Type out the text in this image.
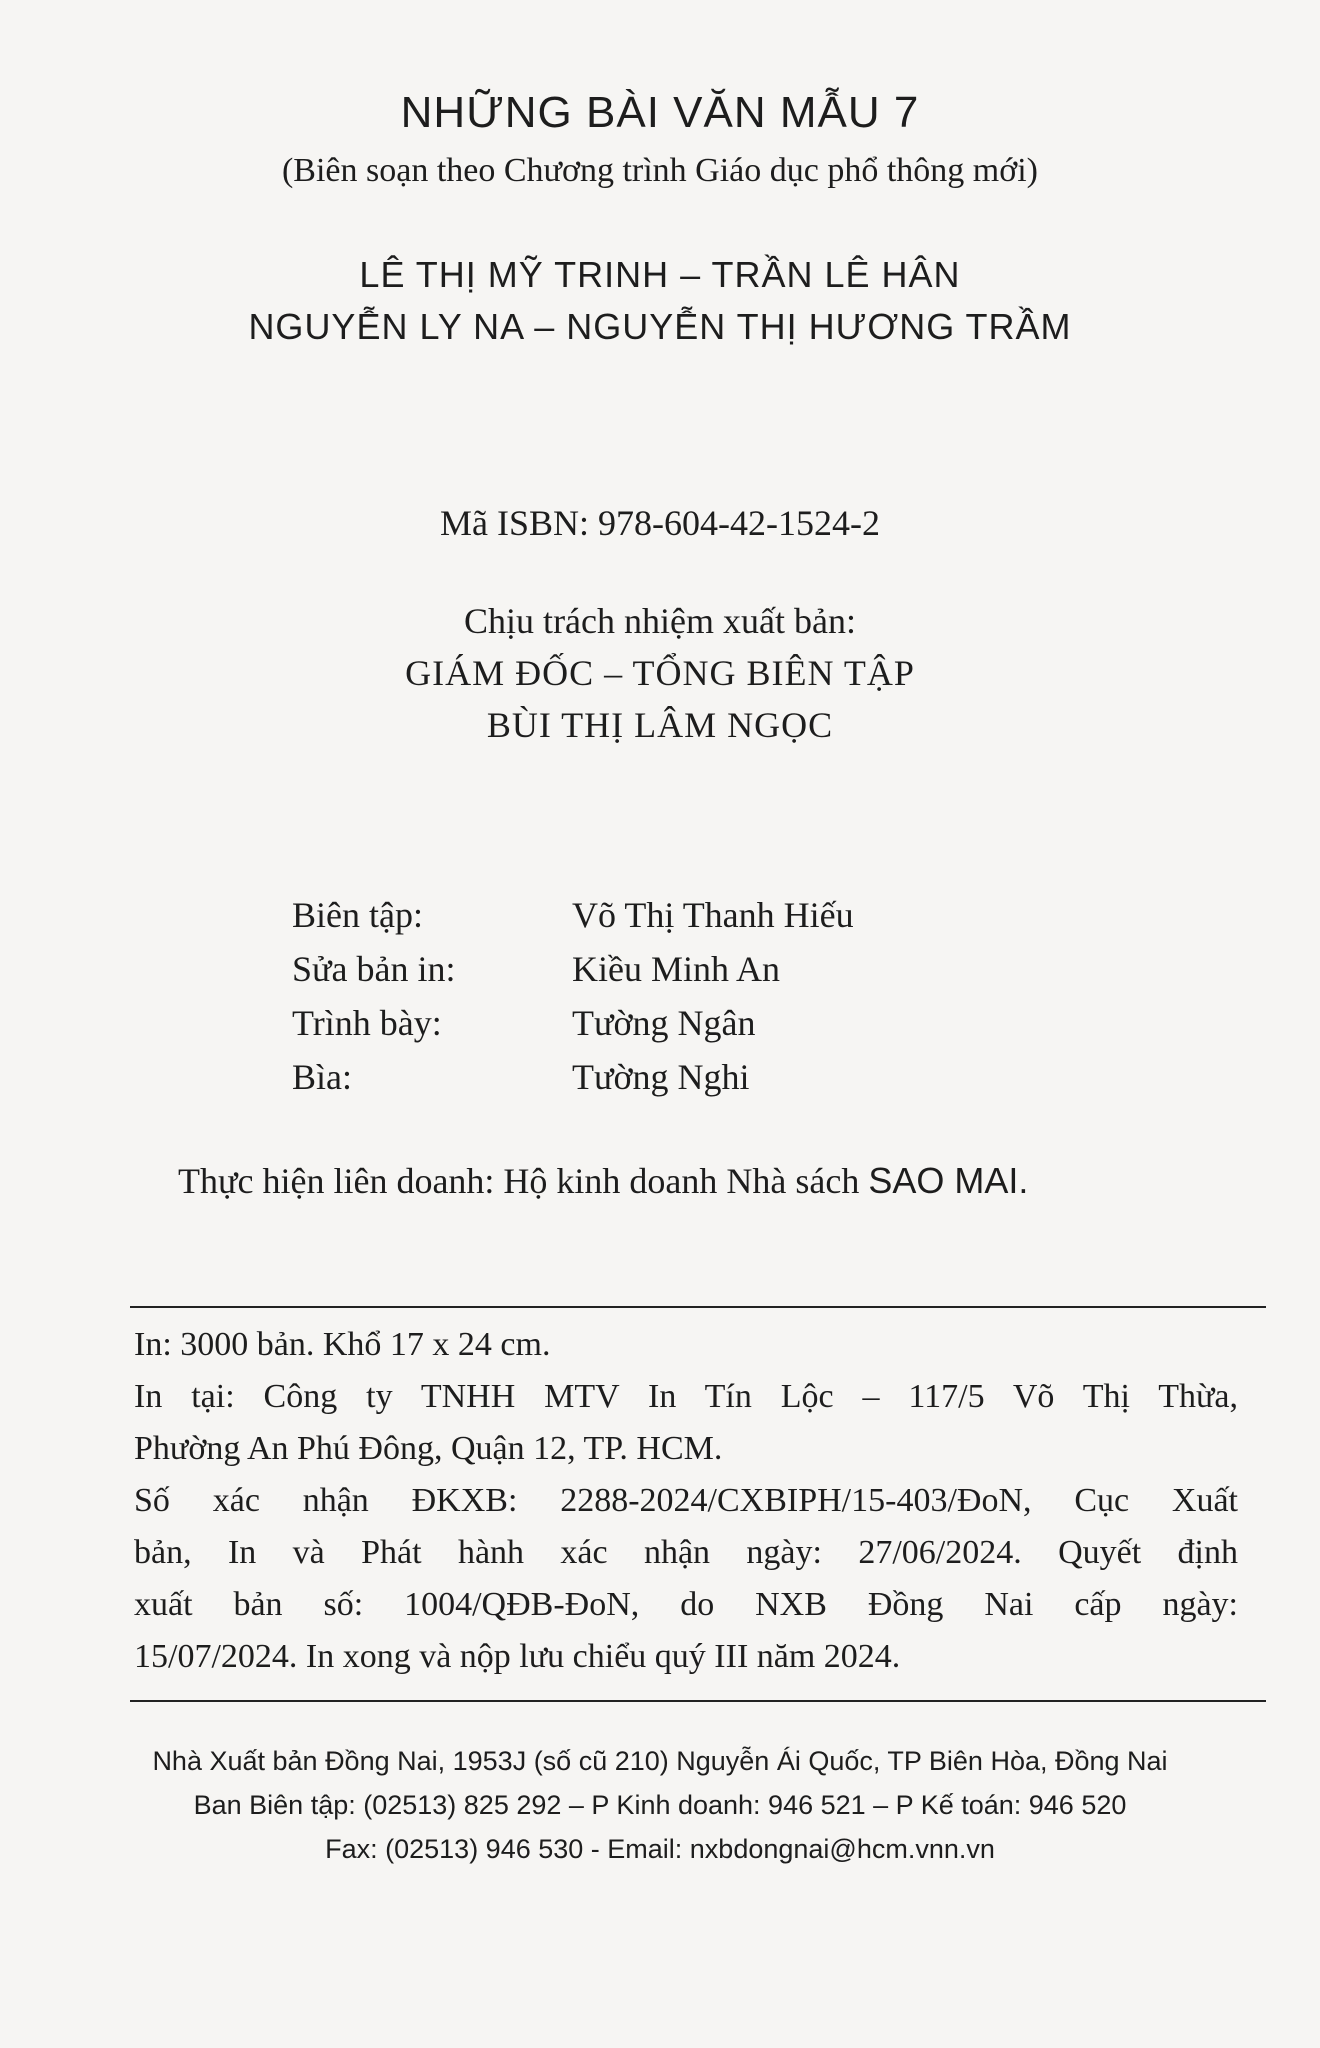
NHỮNG BÀI VĂN MẪU 7
(Biên soạn theo Chương trình Giáo dục phổ thông mới)
LÊ THỊ MỸ TRINH – TRẦN LÊ HÂN
NGUYỄN LY NA – NGUYỄN THỊ HƯƠNG TRẦM
Mã ISBN: 978-604-42-1524-2
Chịu trách nhiệm xuất bản:
GIÁM ĐỐC – TỔNG BIÊN TẬP
BÙI THỊ LÂM NGỌC
Biên tập:	Võ Thị Thanh Hiếu
Sửa bản in:	Kiều Minh An
Trình bày:	Tường Ngân
Bìa:	Tường Nghi
Thực hiện liên doanh: Hộ kinh doanh Nhà sách SAO MAI.
In: 3000 bản. Khổ 17 x 24 cm.
In tại: Công ty TNHH MTV In Tín Lộc – 117/5 Võ Thị Thừa,
Phường An Phú Đông, Quận 12, TP. HCM.
Số xác nhận ĐKXB: 2288-2024/CXBIPH/15-403/ĐoN, Cục Xuất
bản, In và Phát hành xác nhận ngày: 27/06/2024. Quyết định
xuất bản số: 1004/QĐB-ĐoN, do NXB Đồng Nai cấp ngày:
15/07/2024. In xong và nộp lưu chiểu quý III năm 2024.
Nhà Xuất bản Đồng Nai, 1953J (số cũ 210) Nguyễn Ái Quốc, TP Biên Hòa, Đồng Nai
Ban Biên tập: (02513) 825 292 – P Kinh doanh: 946 521 – P Kế toán: 946 520
Fax: (02513) 946 530 - Email: nxbdongnai@hcm.vnn.vn
